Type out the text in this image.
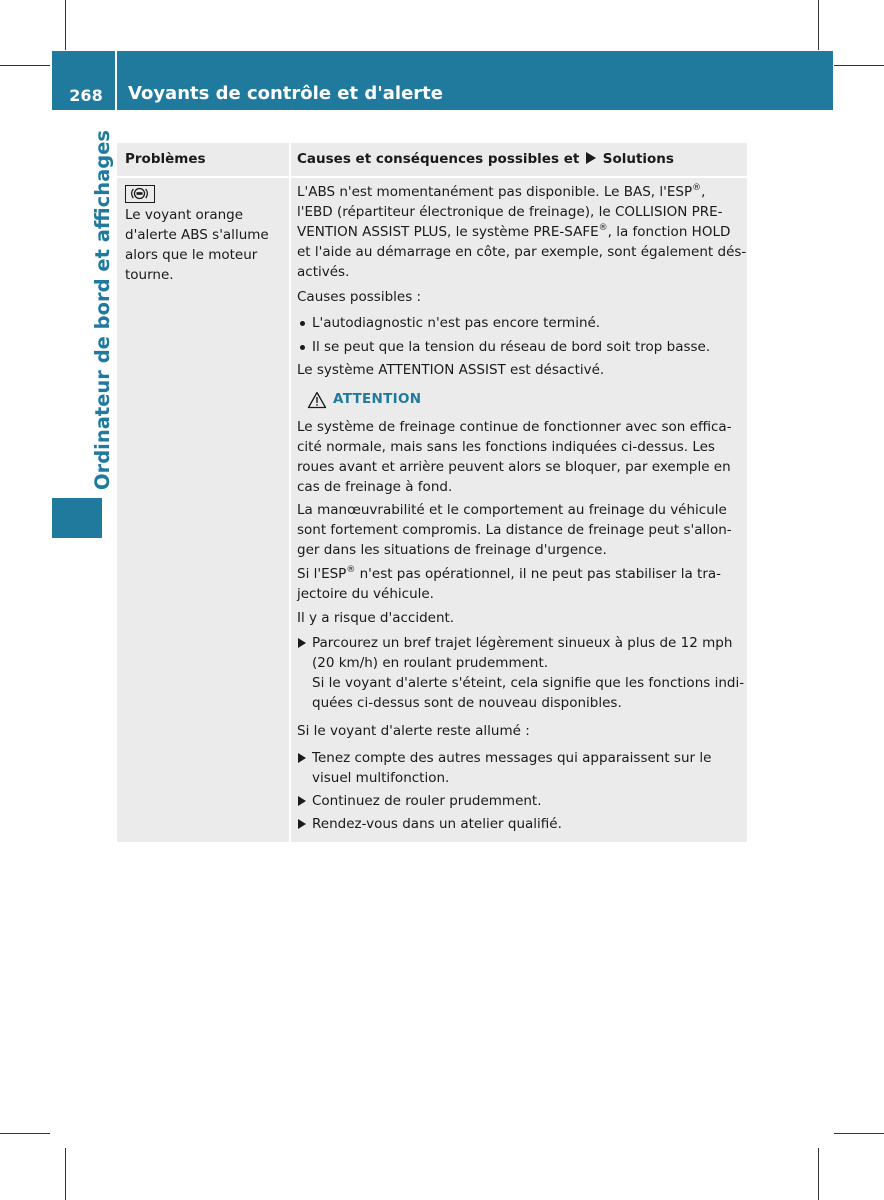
268	Voyants de contrôle et d'alerte
Ordinateur de bord et affichages Problèmes	Causes et conséquences possibles et Solutions
Le voyant orange d'alerte ABS s'allume alors que le moteur tourne.
L'ABS n'est momentanément pas disponible. Le BAS, l'ESP®,
l'EBD (répartiteur électronique de freinage), le COLLISION PRE-
VENTION ASSIST PLUS, le système PRE-SAFE®, la fonction HOLD
et l'aide au démarrage en côte, par exemple, sont également dés-
activés.
Causes possibles :
L'autodiagnostic n'est pas encore terminé.
Il se peut que la tension du réseau de bord soit trop basse.
Le système ATTENTION ASSIST est désactivé.
ATTENTION
Le système de freinage continue de fonctionner avec son effica-
cité normale, mais sans les fonctions indiquées ci-dessus. Les
roues avant et arrière peuvent alors se bloquer, par exemple en
cas de freinage à fond.
La manœuvrabilité et le comportement au freinage du véhicule
sont fortement compromis. La distance de freinage peut s'allon-
ger dans les situations de freinage d'urgence.
Si l'ESP® n'est pas opérationnel, il ne peut pas stabiliser la tra-
jectoire du véhicule.
Il y a risque d'accident.
Parcourez un bref trajet légèrement sinueux à plus de 12 mph
(20 km/h) en roulant prudemment.
Si le voyant d'alerte s'éteint, cela signifie que les fonctions indi-
quées ci-dessus sont de nouveau disponibles.
Si le voyant d'alerte reste allumé :
Tenez compte des autres messages qui apparaissent sur le
visuel multifonction.
Continuez de rouler prudemment.
Rendez-vous dans un atelier qualifié.
